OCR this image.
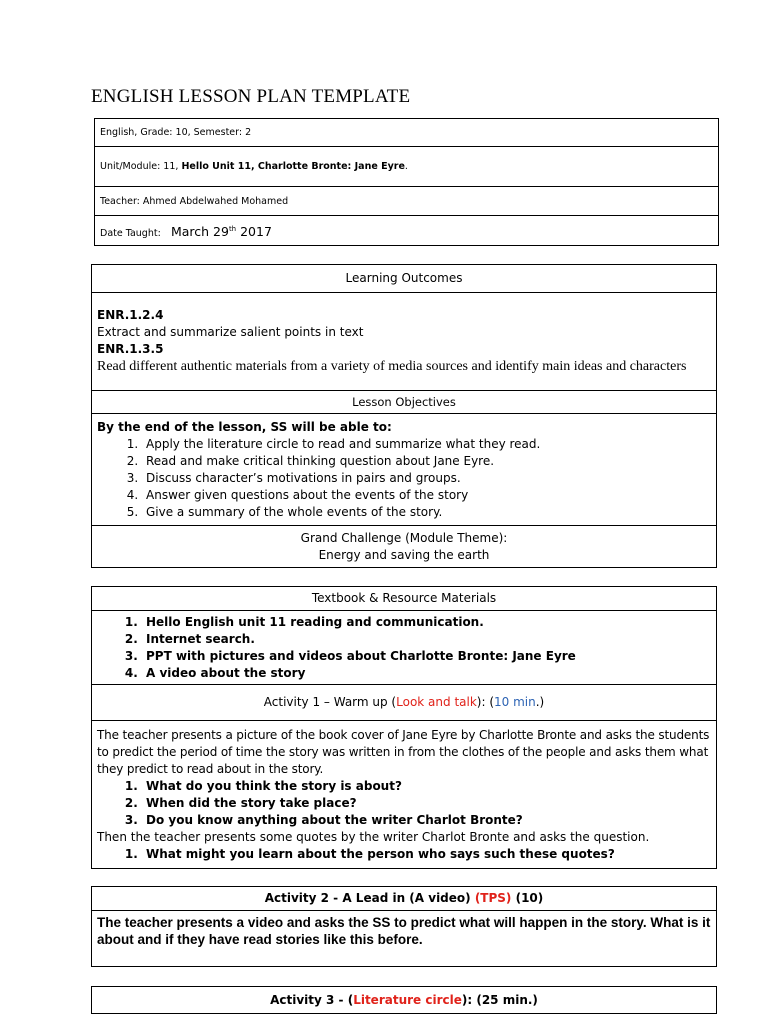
ENGLISH LESSON PLAN TEMPLATE
English, Grade: 10, Semester: 2
Unit/Module: 11, Hello Unit 11, Charlotte Bronte: Jane Eyre.
Teacher: Ahmed Abdelwahed Mohamed
Date Taught: March 29th 2017
Learning Outcomes

ENR.1.2.4
Extract and summarize salient points in text
ENR.1.3.5
Read different authentic materials from a variety of media sources and identify main ideas and characters

Lesson Objectives

By the end of the lesson, SS will be able to:
1. Apply the literature circle to read and summarize what they read.
2. Read and make critical thinking question about Jane Eyre.
3. Discuss character’s motivations in pairs and groups.
4. Answer given questions about the events of the story
5. Give a summary of the whole events of the story.

Grand Challenge (Module Theme):
Energy and saving the earth
Textbook & Resource Materials

1. Hello English unit 11 reading and communication.
2. Internet search.
3. PPT with pictures and videos about Charlotte Bronte: Jane Eyre
4. A video about the story

Activity 1 – Warm up (Look and talk): (10 min.)

The teacher presents a picture of the book cover of Jane Eyre by Charlotte Bronte and asks the students to predict the period of time the story was written in from the clothes of the people and asks them what they predict to read about in the story.
1. What do you think the story is about?
2. When did the story take place?
3. Do you know anything about the writer Charlot Bronte?
Then the teacher presents some quotes by the writer Charlot Bronte and asks the question.
1. What might you learn about the person who says such these quotes?
Activity 2 - A Lead in (A video) (TPS) (10)
The teacher presents a video and asks the SS to predict what will happen in the story. What is it about and if they have read stories like this before.
Activity 3 - (Literature circle): (25 min.)
